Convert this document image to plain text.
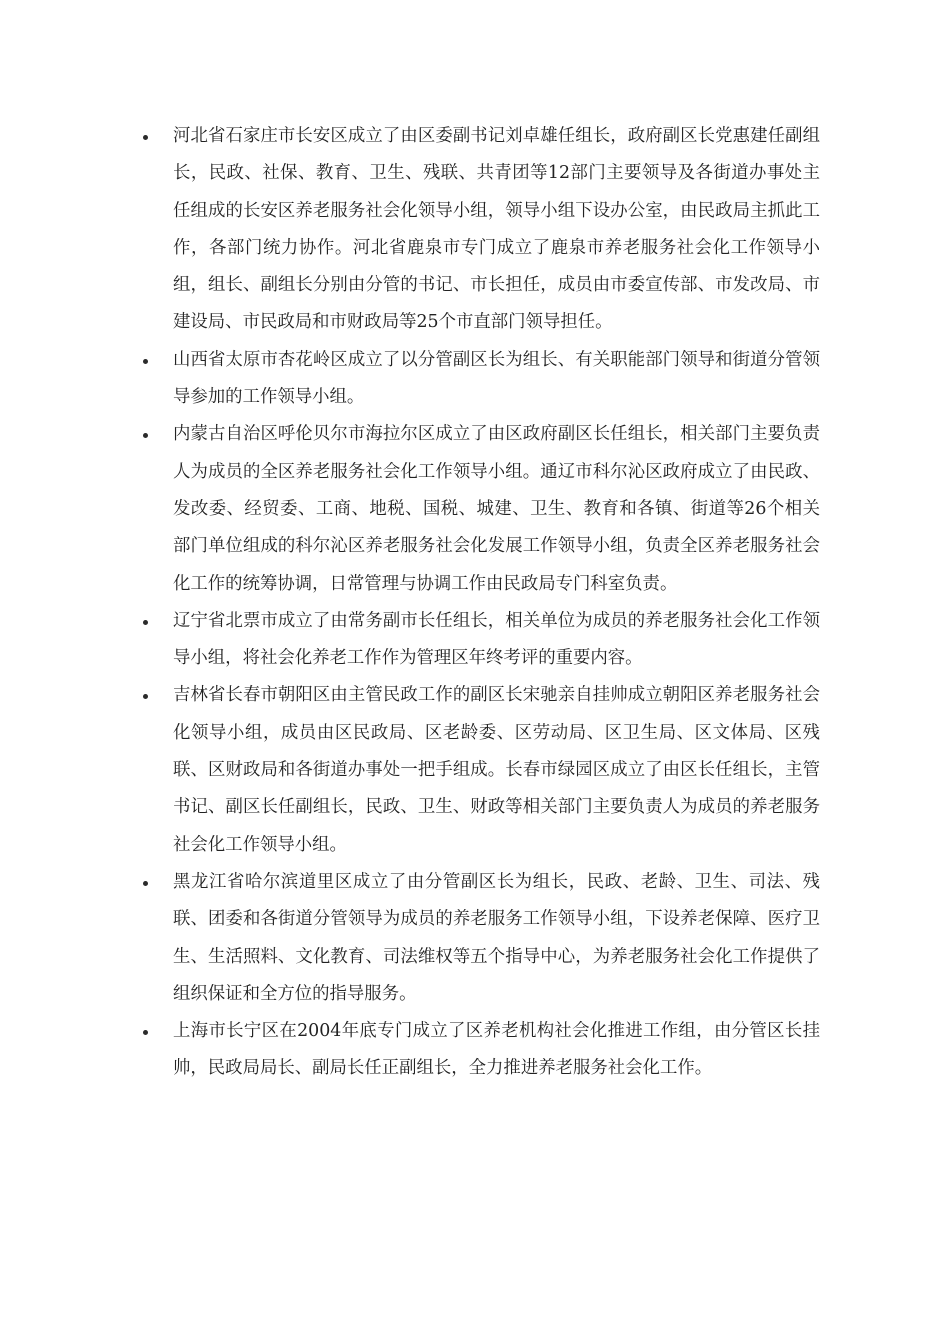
河北省石家庄市长安区成立了由区委副书记刘卓雄任组长，政府副区长党惠建任副组长，民政、社保、教育、卫生、残联、共青团等12部门主要领导及各街道办事处主任组成的长安区养老服务社会化领导小组，领导小组下设办公室，由民政局主抓此工作，各部门统力协作。河北省鹿泉市专门成立了鹿泉市养老服务社会化工作领导小组，组长、副组长分别由分管的书记、市长担任，成员由市委宣传部、市发改局、市建设局、市民政局和市财政局等25个市直部门领导担任。
山西省太原市杏花岭区成立了以分管副区长为组长、有关职能部门领导和街道分管领导参加的工作领导小组。
内蒙古自治区呼伦贝尔市海拉尔区成立了由区政府副区长任组长，相关部门主要负责人为成员的全区养老服务社会化工作领导小组。通辽市科尔沁区政府成立了由民政、发改委、经贸委、工商、地税、国税、城建、卫生、教育和各镇、街道等26个相关部门单位组成的科尔沁区养老服务社会化发展工作领导小组，负责全区养老服务社会化工作的统筹协调，日常管理与协调工作由民政局专门科室负责。
辽宁省北票市成立了由常务副市长任组长，相关单位为成员的养老服务社会化工作领导小组，将社会化养老工作作为管理区年终考评的重要内容。
吉林省长春市朝阳区由主管民政工作的副区长宋驰亲自挂帅成立朝阳区养老服务社会化领导小组，成员由区民政局、区老龄委、区劳动局、区卫生局、区文体局、区残联、区财政局和各街道办事处一把手组成。长春市绿园区成立了由区长任组长，主管书记、副区长任副组长，民政、卫生、财政等相关部门主要负责人为成员的养老服务社会化工作领导小组。
黑龙江省哈尔滨道里区成立了由分管副区长为组长，民政、老龄、卫生、司法、残联、团委和各街道分管领导为成员的养老服务工作领导小组，下设养老保障、医疗卫生、生活照料、文化教育、司法维权等五个指导中心，为养老服务社会化工作提供了组织保证和全方位的指导服务。
上海市长宁区在2004年底专门成立了区养老机构社会化推进工作组，由分管区长挂帅，民政局局长、副局长任正副组长，全力推进养老服务社会化工作。
